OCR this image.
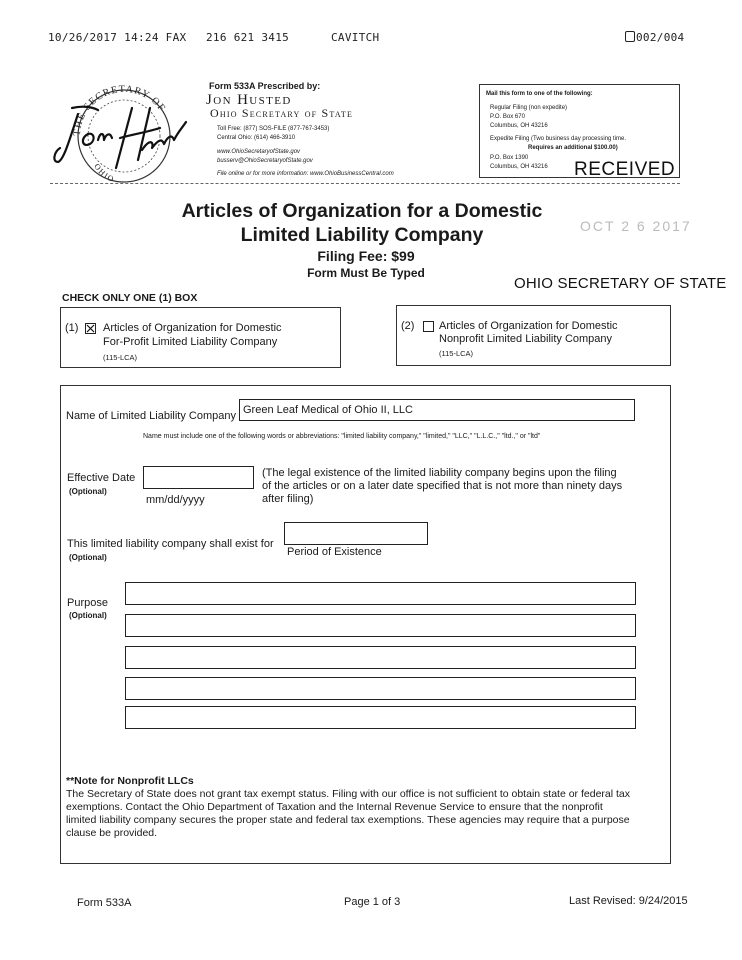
10/26/2017 14:24 FAX 216 621 3415	CAVITCH	002/004
THE SECRETARY OF
OHIO
Form 533A Prescribed by:
Jon Husted
Ohio Secretary of State
Toll Free: (877) SOS-FILE (877-767-3453)
Central Ohio: (614) 466-3910
www.OhioSecretaryofState.gov
busserv@OhioSecretaryofState.gov
File online or for more information: www.OhioBusinessCentral.com
Mail this form to one of the following:
Regular Filing (non expedite)
P.O. Box 670
Columbus, OH 43216
Expedite Filing (Two business day processing time.
Requires an additional $100.00)
P.O. Box 1390
Columbus, OH 43216 RECEIVED
OCT 2 6 2017
OHIO SECRETARY OF STATE
Articles of Organization for a Domestic
Limited Liability Company
Filing Fee: $99
Form Must Be Typed
CHECK ONLY ONE (1) BOX
(1) Articles of Organization for Domestic
For-Profit Limited Liability Company
(115-LCA)
(2) Articles of Organization for Domestic
Nonprofit Limited Liability Company
(115-LCA)
Name of Limited Liability Company Green Leaf Medical of Ohio II, LLC
Name must include one of the following words or abbreviations: "limited liability company," "limited," "LLC," "L.L.C.," "ltd.," or "ltd"
Effective Date
(Optional)
mm/dd/yyyy
(The legal existence of the limited liability company begins upon the filing
of the articles or on a later date specified that is not more than ninety days
after filing)
This limited liability company shall exist for
(Optional)	Period of Existence
Purpose
(Optional)
**Note for Nonprofit LLCs
The Secretary of State does not grant tax exempt status. Filing with our office is not sufficient to obtain state or federal tax
exemptions. Contact the Ohio Department of Taxation and the Internal Revenue Service to ensure that the nonprofit
limited liability company secures the proper state and federal tax exemptions. These agencies may require that a purpose
clause be provided.
Form 533A	Page 1 of 3	Last Revised: 9/24/2015
